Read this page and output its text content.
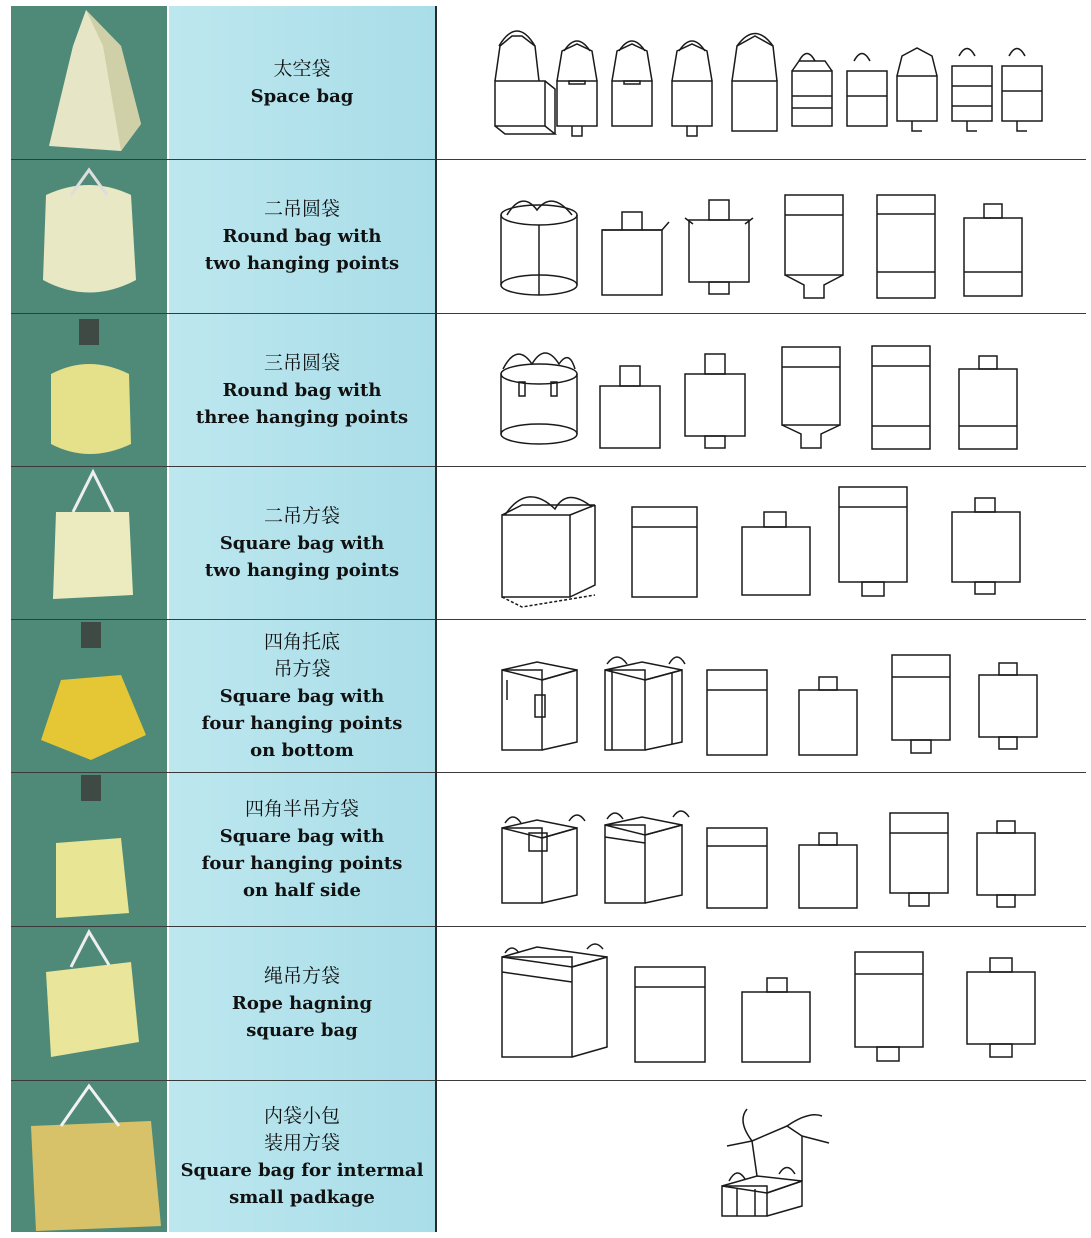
太空袋
Space bag
二吊圆袋
Round bag with
two hanging points
三吊圆袋
Round bag with
three hanging points
二吊方袋
Square bag with
two hanging points
四角托底
吊方袋
Square bag with
four hanging points
on bottom
四角半吊方袋
Square bag with
four hanging points
on half side
绳吊方袋
Rope hagning
square bag
内袋小包
装用方袋
Square bag for intermal
small padkage
